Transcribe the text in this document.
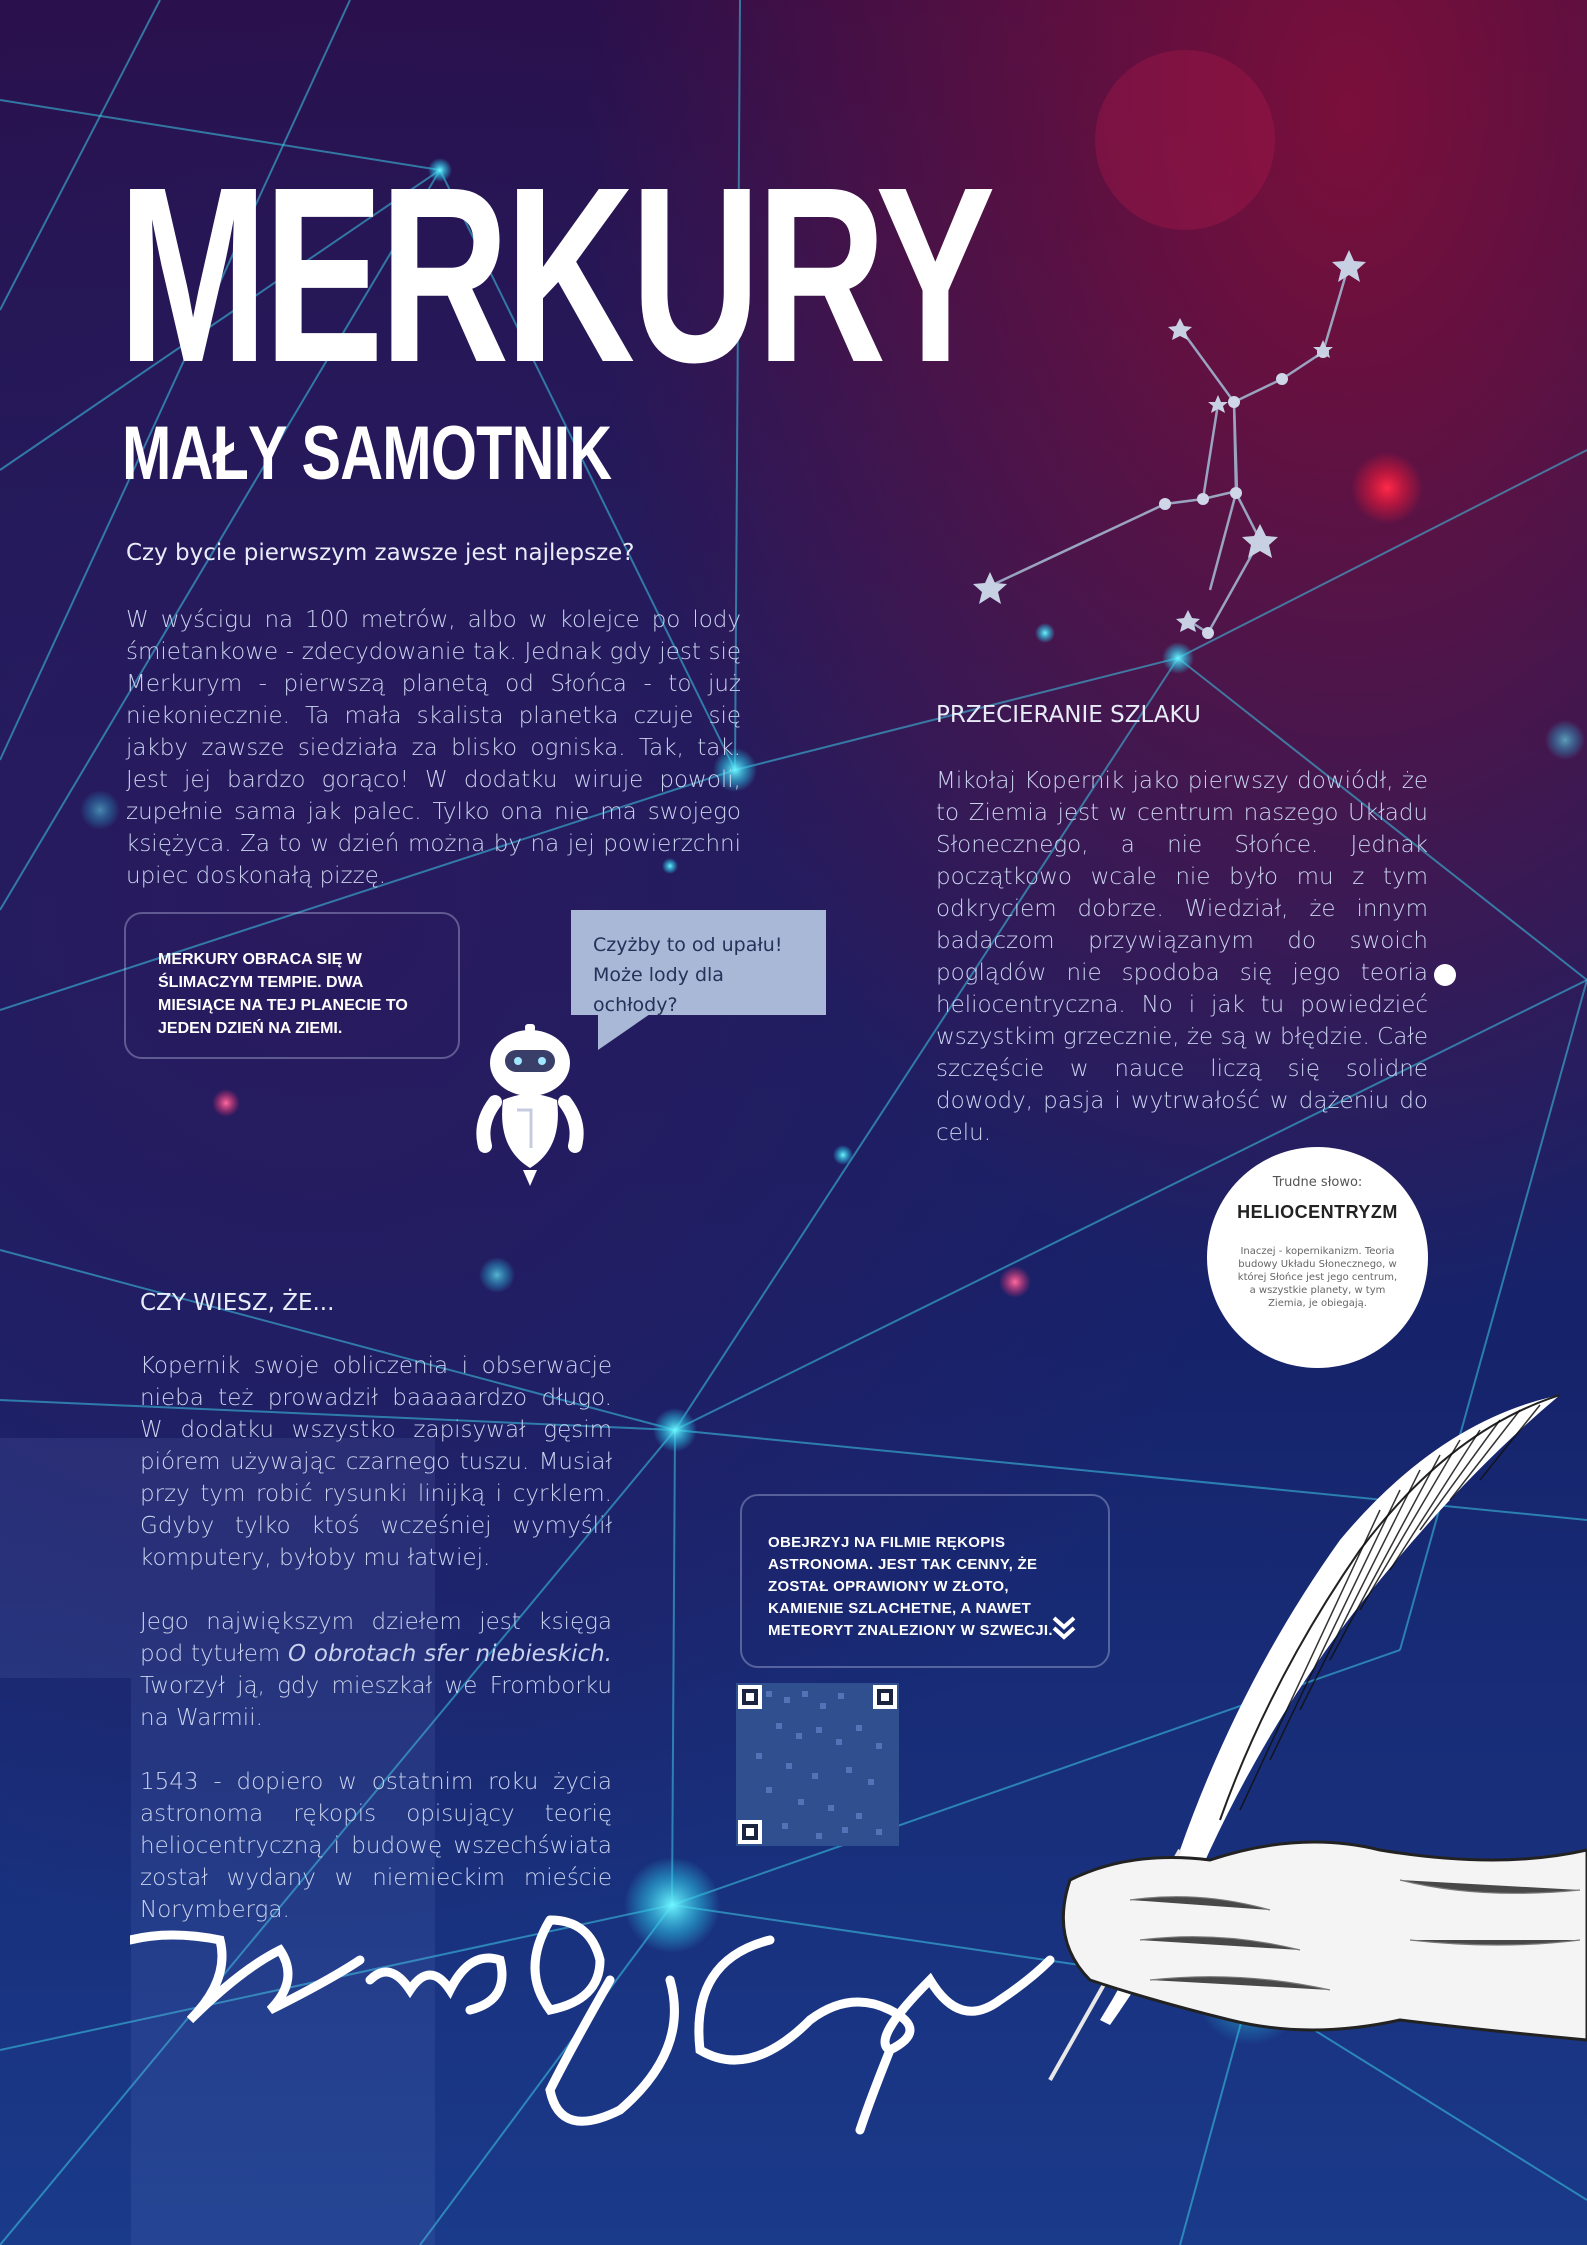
MERKURY
MAŁY SAMOTNIK
Czy bycie pierwszym zawsze jest najlepsze?

W wyścigu na 100 metrów, albo w kolejce po lody śmietankowe - zdecydowanie tak. Jednak gdy jest się Merkurym - pierwszą planetą od Słońca - to już niekoniecznie. Ta mała skalista planetka czuje się jakby zawsze siedziała za blisko ogniska. Tak, tak. Jest jej bardzo gorąco! W dodatku wiruje powoli, zupełnie sama jak palec. Tylko ona nie ma swojego księżyca. Za to w dzień można by na jej powierzchni upiec doskonałą pizzę.

MERKURY OBRACA SIĘ W ŚLIMACZYM TEMPIE. DWA MIESIĄCE NA TEJ PLANECIE TO JEDEN DZIEŃ NA ZIEMI.

Czyżby to od upału!
Może lody dla ochłody?
PRZECIERANIE SZLAKU

Mikołaj Kopernik jako pierwszy dowiódł, że to Ziemia jest w centrum naszego Układu Słonecznego, a nie Słońce. Jednak początkowo wcale nie było mu z tym odkryciem dobrze. Wiedział, że innym badaczom przywiązanym do swoich poglądów nie spodoba się jego teoria heliocentryczna. No i jak tu powiedzieć wszystkim grzecznie, że są w błędzie. Całe szczęście w nauce liczą się solidne dowody, pasja i wytrwałość w dążeniu do celu.

Trudne słowo:
HELIOCENTRYZM
Inaczej - kopernikanizm. Teoria budowy Układu Słonecznego, w której Słońce jest jego centrum, a wszystkie planety, w tym Ziemia, je obiegają.
CZY WIESZ, ŻE...

Kopernik swoje obliczenia i obserwacje nieba też prowadził baaaaardzo długo. W dodatku wszystko zapisywał gęsim piórem używając czarnego tuszu. Musiał przy tym robić rysunki linijką i cyrklem. Gdyby tylko ktoś wcześniej wymyślił komputery, byłoby mu łatwiej.

Jego największym dziełem jest księga pod tytułem O obrotach sfer niebieskich. Tworzył ją, gdy mieszkał we Fromborku na Warmii.

1543 - dopiero w ostatnim roku życia astronoma rękopis opisujący teorię heliocentryczną i budowę wszechświata został wydany w niemieckim mieście Norymberga.

OBEJRZYJ NA FILMIE RĘKOPIS ASTRONOMA. JEST TAK CENNY, ŻE ZOSTAŁ OPRAWIONY W ZŁOTO, KAMIENIE SZLACHETNE, A NAWET METEORYT ZNALEZIONY W SZWECJI.
